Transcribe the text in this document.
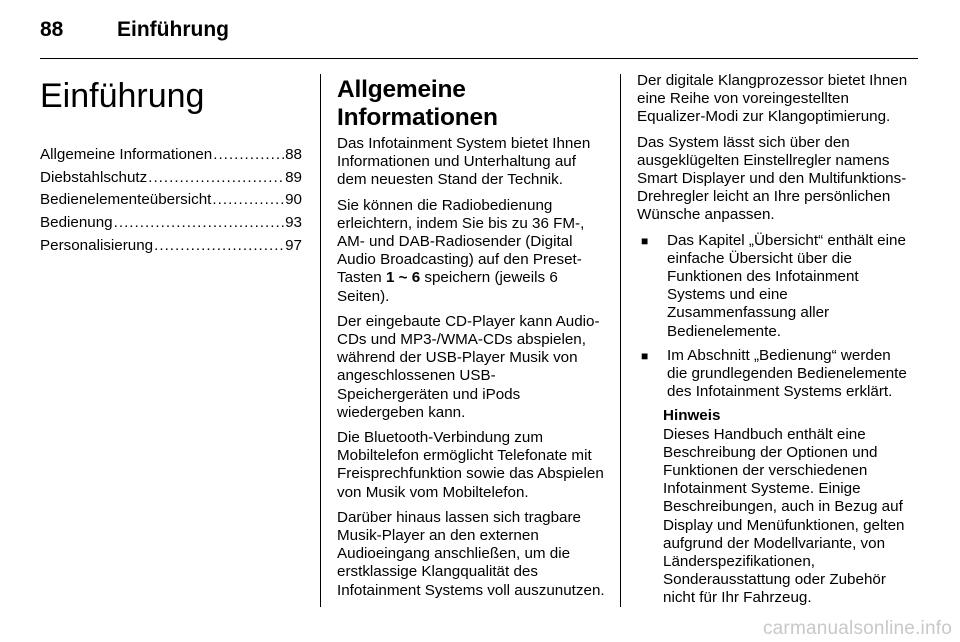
88	Einführung
Einführung
Allgemeine Informationen .....	88
Diebstahlschutz .....	89
Bedienelementeübersicht .....	90
Bedienung .....	93
Personalisierung .....	97
Allgemeine Informationen

Das Infotainment System bietet Ihnen Informationen und Unterhaltung auf dem neuesten Stand der Technik.

Sie können die Radiobedienung erleichtern, indem Sie bis zu 36 FM-, AM- und DAB-Radiosender (Digital Audio Broadcasting) auf den Preset-Tasten 1 ~ 6 speichern (jeweils 6 Seiten).

Der eingebaute CD-Player kann Audio-CDs und MP3-/WMA-CDs abspielen, während der USB-Player Musik von angeschlossenen USB-Speichergeräten und iPods wiedergeben kann.

Die Bluetooth-Verbindung zum Mobiltelefon ermöglicht Telefonate mit Freisprechfunktion sowie das Abspielen von Musik vom Mobiltelefon.

Darüber hinaus lassen sich tragbare Musik-Player an den externen Audioeingang anschließen, um die erstklassige Klangqualität des Infotainment Systems voll auszunutzen.

Der digitale Klangprozessor bietet Ihnen eine Reihe von voreingestellten Equalizer-Modi zur Klangoptimierung.

Das System lässt sich über den ausgeklügelten Einstellregler namens Smart Displayer und den Multifunktions-Drehregler leicht an Ihre persönlichen Wünsche anpassen.

■	Das Kapitel „Übersicht“ enthält eine einfache Übersicht über die Funktionen des Infotainment Systems und eine Zusammenfassung aller Bedienelemente.
■	Im Abschnitt „Bedienung“ werden die grundlegenden Bedienelemente des Infotainment Systems erklärt.
Hinweis
Dieses Handbuch enthält eine Beschreibung der Optionen und Funktionen der verschiedenen Infotainment Systeme. Einige Beschreibungen, auch in Bezug auf Display und Menüfunktionen, gelten aufgrund der Modellvariante, von Länderspezifikationen, Sonderausstattung oder Zubehör nicht für Ihr Fahrzeug.
carmanualsonline.info
